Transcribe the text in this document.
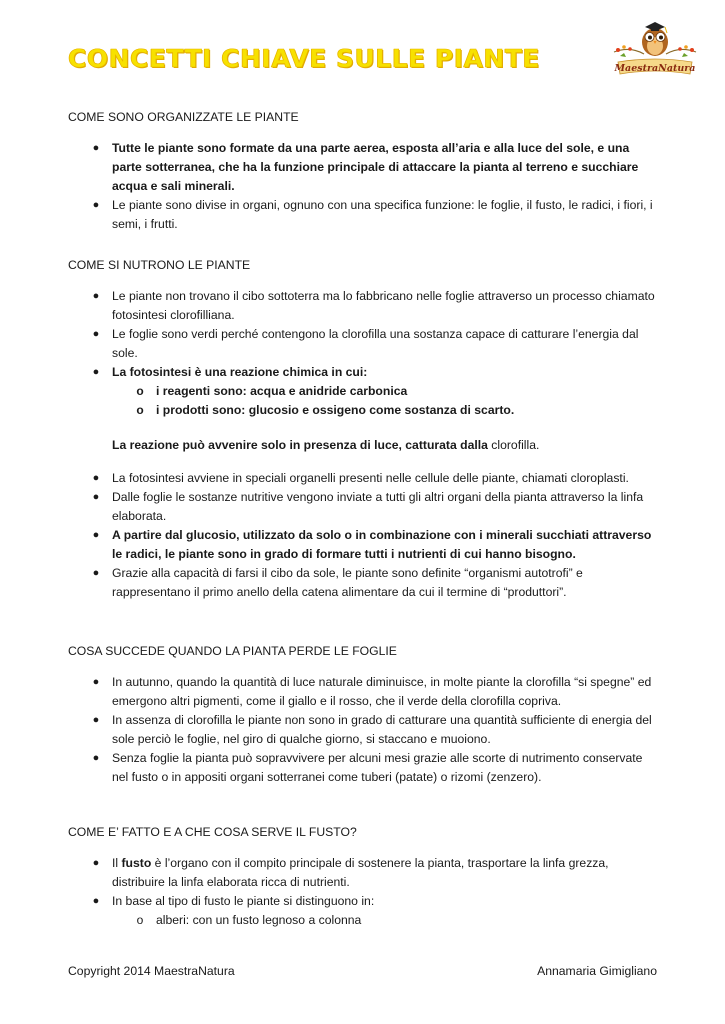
CONCETTI CHIAVE SULLE PIANTE	MaestraNatura
COME SONO ORGANIZZATE LE PIANTE
● Tutte le piante sono formate da una parte aerea, esposta all’aria e alla luce del sole, e una parte sotterranea, che ha la funzione principale di attaccare la pianta al terreno e succhiare acqua e sali minerali.
● Le piante sono divise in organi, ognuno con una specifica funzione: le foglie, il fusto, le radici, i fiori, i semi, i frutti.
COME SI NUTRONO LE PIANTE
● Le piante non trovano il cibo sottoterra ma lo fabbricano nelle foglie attraverso un processo chiamato fotosintesi clorofilliana.
● Le foglie sono verdi perché contengono la clorofilla una sostanza capace di catturare l’energia dal sole.
● La fotosintesi è una reazione chimica in cui:
o i reagenti sono: acqua e anidride carbonica
o i prodotti sono: glucosio e ossigeno come sostanza di scarto.

La reazione può avvenire solo in presenza di luce, catturata dalla clorofilla.

● La fotosintesi avviene in speciali organelli presenti nelle cellule delle piante, chiamati cloroplasti.
● Dalle foglie le sostanze nutritive vengono inviate a tutti gli altri organi della pianta attraverso la linfa elaborata.
● A partire dal glucosio, utilizzato da solo o in combinazione con i minerali succhiati attraverso le radici, le piante sono in grado di formare tutti i nutrienti di cui hanno bisogno.
● Grazie alla capacità di farsi il cibo da sole, le piante sono definite “organismi autotrofi” e rappresentano il primo anello della catena alimentare da cui il termine di “produttori”.
COSA SUCCEDE QUANDO LA PIANTA PERDE LE FOGLIE
● In autunno, quando la quantità di luce naturale diminuisce, in molte piante la clorofilla “si spegne” ed emergono altri pigmenti, come il giallo e il rosso, che il verde della clorofilla copriva.
● In assenza di clorofilla le piante non sono in grado di catturare una quantità sufficiente di energia del sole perciò le foglie, nel giro di qualche giorno, si staccano e muoiono.
● Senza foglie la pianta può sopravvivere per alcuni mesi grazie alle scorte di nutrimento conservate nel fusto o in appositi organi sotterranei come tuberi (patate) o rizomi (zenzero).
COME E’ FATTO E A CHE COSA SERVE IL FUSTO?
● Il fusto è l’organo con il compito principale di sostenere la pianta, trasportare la linfa grezza, distribuire la linfa elaborata ricca di nutrienti.
● In base al tipo di fusto le piante si distinguono in:
o alberi: con un fusto legnoso a colonna
Copyright 2014 MaestraNatura	Annamaria Gimigliano
